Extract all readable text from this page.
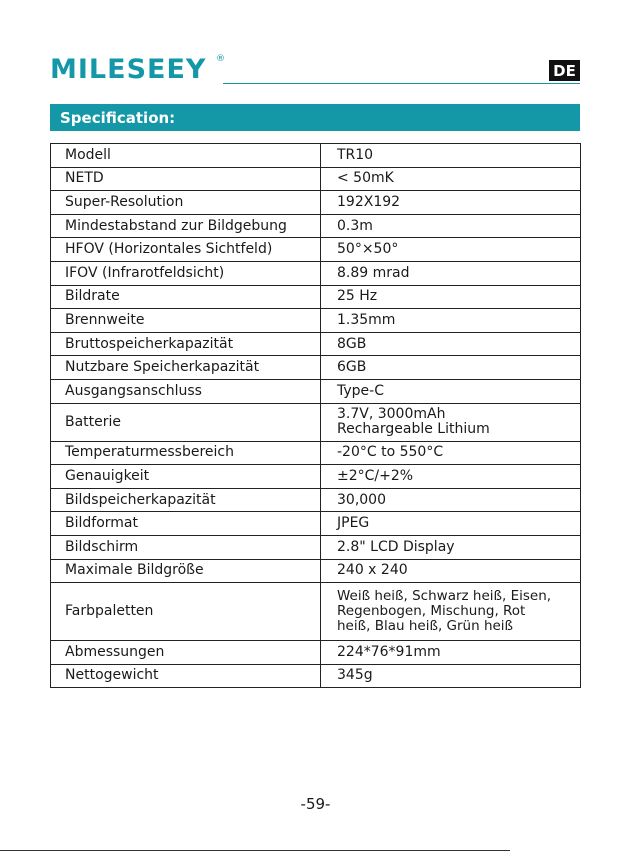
MILESEEY ®
DE
Specification:
Modell	TR10
NETD	< 50mK
Super-Resolution	192X192
Mindestabstand zur Bildgebung	0.3m
HFOV (Horizontales Sichtfeld)	50°×50°
IFOV (Infrarotfeldsicht)	8.89 mrad
Bildrate	25 Hz
Brennweite	1.35mm
Bruttospeicherkapazität	8GB
Nutzbare Speicherkapazität	6GB
Ausgangsanschluss	Type-C
Batterie	3.7V, 3000mAh
Rechargeable Lithium

Temperaturmessbereich	-20°C to 550°C
Genauigkeit	±2°C/+2%
Bildspeicherkapazität	30,000
Bildformat	JPEG
Bildschirm	2.8" LCD Display
Maximale Bildgröße	240 x 240
Farbpaletten	Weiß heiß, Schwarz heiß, Eisen,
Regenbogen, Mischung, Rot
heiß, Blau heiß, Grün heiß

Abmessungen	224*76*91mm
Nettogewicht	345g
-59-
